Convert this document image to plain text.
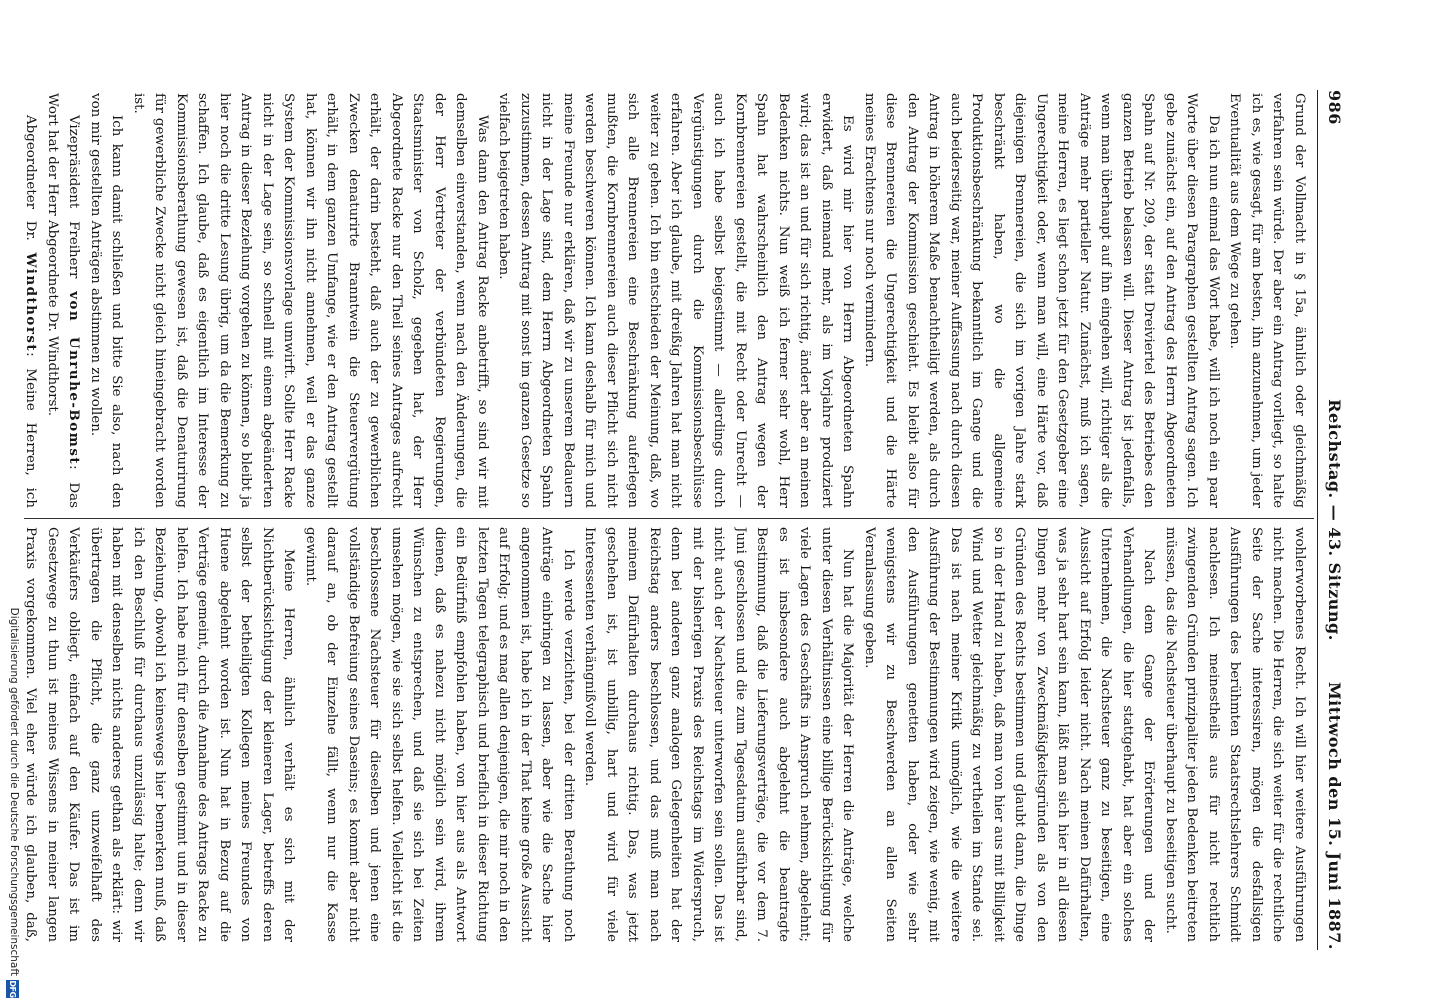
986
Reichstag. — 43. Sitzung.
Mittwoch den 15. Juni 1887.

Grund der Vollmacht in § 15a, ähnlich oder gleichmäßig verfahren sein würde. Der aber ein Antrag vorliegt, so halte ich es, wie gesagt, für am besten, ihn anzunehmen, um jeder Eventualität aus dem Wege zu gehen.

Da ich nun einmal das Wort habe, will ich noch ein paar Worte über diesen Paragraphen gestellten Antrag sagen. Ich gebe zunächst ein, auf den Antrag des Herrn Abgeordneten Spahn auf Nr. 209, der statt Dreiviertel des Betriebes den ganzen Betrieb belassen will. Dieser Antrag ist jedenfalls, wenn man überhaupt auf ihn eingehen will, richtiger als die Anträge mehr partieller Natur. Zunächst, muß ich sagen, meine Herren, es liegt schon jetzt für den Gesetzgeber eine Ungerechtigkeit oder, wenn man will, eine Härte vor, daß diejenigen Brennereien, die sich im vorigen Jahre stark beschränkt haben, wo die allgemeine Produktionsbeschränkung bekanntlich im Gange und die auch beiderseitig war, meiner Auffassung nach durch diesen Antrag in höherem Maße benachtheiligt werden, als durch den Antrag der Kommission geschieht. Es bleibt also für diese Brennereien die Ungerechtigkeit und die Härte meines Erachtens nur noch vermindern.

Es wird mir hier von Herrn Abgeordneten Spahn erwidert, daß niemand mehr, als im Vorjahre produziert wird; das ist an und für sich richtig, ändert aber an meinen Bedenken nichts. Nun weiß ich ferner sehr wohl, Herr Spahn hat wahrscheinlich den Antrag wegen der Kornbrennereien gestellt, die mit Recht oder Unrecht — auch ich habe selbst beigestimmt — allerdings durch Vergünstigungen durch die Kommissionsbeschlüsse erfahren. Aber ich glaube, mit dreißig Jahren hat man nicht weiter zu gehen. Ich bin entschieden der Meinung, daß, wo sich alle Brennereien eine Beschränkung auferlegen mußten, die Kornbrennereien auch dieser Pflicht sich nicht werden beschweren können. Ich kann deshalb für mich und meine Freunde nur erklären, daß wir zu unserem Bedauern nicht in der Lage sind, dem Herrn Abgeordneten Spahn zuzustimmen, dessen Antrag mit sonst im ganzen Gesetze so vielfach beigetreten haben.

Was dann den Antrag Racke anbetrifft, so sind wir mit demselben einverstanden, wenn nach den Änderungen, die der Herr Vertreter der verbündeten Regierungen, Staatsminister von Scholz, gegeben hat, der Herr Abgeordnete Racke nur den Theil seines Antrages aufrecht erhält, der darin besteht, daß auch der zu gewerblichen Zwecken denaturirte Branntwein die Steuervergütung erhält, in dem ganzen Umfange, wie er den Antrag gestellt hat, können wir ihn nicht annehmen, weil er das ganze System der Kommissionsvorlage umwirft. Sollte Herr Racke nicht in der Lage sein, so schnell mit einem abgeänderten Antrag in dieser Beziehung vorgehen zu können, so bleibt ja hier noch die dritte Lesung übrig, um da die Bemerkung zu schaffen. Ich glaube, daß es eigentlich im Interesse der Kommissionsberathung gewesen ist, daß die Denaturirung für gewerbliche Zwecke nicht gleich hineingebracht worden ist.

Ich kann damit schließen und bitte Sie also, nach den von mir gestellten Anträgen abstimmen zu wollen.

Vizepräsident Freiherr von Unruhe-Bomst: Das Wort hat der Herr Abgeordnete Dr. Windthorst.

Abgeordneter Dr. Windthorst: Meine Herren, ich

wohlerworbenes Recht. Ich will hier weitere Ausführungen nicht machen. Die Herren, die sich weiter für die rechtliche Seite der Sache interessiren, mögen die desfallsigen Ausführungen des berühmten Staatsrechtslehrers Schmidt nachlesen. Ich meinestheils aus für nicht rechtlich zwingenden Gründen prinzipaliter jeden Bedenken beitreten müssen, das die Nachsteuer überhaupt zu beseitigen sucht.

Nach dem Gange der Erörterungen und der Verhandlungen, die hier stattgehabt, hat aber ein solches Unternehmen, die Nachsteuer ganz zu beseitigen, eine Aussicht auf Erfolg leider nicht. Nach meinen Dafürhalten, was ja sehr hart sein kann, läßt man sich hier in all diesen Dingen mehr von Zweckmäßigkeitsgründen als von den Gründen des Rechts bestimmen und glaubt dann, die Dinge so in der Hand zu haben, daß man von hier aus mit Billigkeit Wind und Wetter gleichmäßig zu vertheilen im Stande sei. Das ist nach meiner Kritik unmöglich, wie die weitere Ausführung der Bestimmungen wird zeigen, wie wenig, mit den Ausführungen genetten haben, oder wie sehr wenigstens wir zu Beschwerden an allen Seiten Veranlassung geben.

Nun hat die Majorität der Herren die Anträge, welche unter diesen Verhältnissen eine billige Berücksichtigung für viele Lagen des Geschäfts in Anspruch nehmen, abgelehnt; es ist insbesondere auch abgelehnt die beantragte Bestimmung, daß die Lieferungsverträge, die vor dem 7. Juni geschlossen und die zum Tagesdatum ausführbar sind, nicht auch der Nachsteuer unterworfen sein sollen. Das ist mit der bisherigen Praxis des Reichstags im Widerspruch, denn bei anderen ganz analogen Gelegenheiten hat der Reichstag anders beschlossen, und das muß man nach meinem Dafürhalten durchaus richtig. Das, was jetzt geschehen ist, ist unbillig, hart und wird für viele Interessenten verhängnißvoll werden.

Ich werde verzichten, bei der dritten Berathung noch Anträge einbringen zu lassen, aber wie die Sache hier angenommen ist, habe ich in der That keine große Aussicht auf Erfolg; und es mag allen denjenigen, die mir noch in den letzten Tagen telegraphisch und brieflich in dieser Richtung ein Bedürfniß empfohlen haben, von hier aus als Antwort dienen, daß es nahezu nicht möglich sein wird, ihrem Wünschen zu entsprechen, und daß sie sich bei Zeiten umsehen mögen, wie sie sich selbst helfen. Vielleicht ist die beschlossene Nachsteuer für dieselben und jenen eine vollständige Befreiung seines Daseins; es kommt aber nicht darauf an, ob der Einzelne fällt, wenn nur die Kasse gewinnt.

Meine Herren, ähnlich verhält es sich mit der Nichtberücksichtigung der kleineren Lager, betreffs deren selbst der betheiligten Kollegen meines Freundes von Huene abgelehnt worden ist. Nun hat in Bezug auf die Verträge gemeint, durch die Annahme des Antrags Racke zu helfen. Ich habe mich für denselben gestimmt und in dieser Beziehung, obwohl ich keineswegs hier bemerken muß, daß ich den Beschluß für durchaus unzulässig halte; denn wir haben mit denselben nichts anderes gethan als erklärt: wir übertragen die Pflicht, die ganz unzweifelhaft des Verkäufers obliegt, einfach auf den Käufer. Das ist im Gesetzwege zu thun ist meines Wissens in meiner langen Praxis vorgekommen. Viel eher würde ich glauben, daß,

Digitalisierung gefördert durch die Deutsche Forschungsgemeinschaft
DFG
